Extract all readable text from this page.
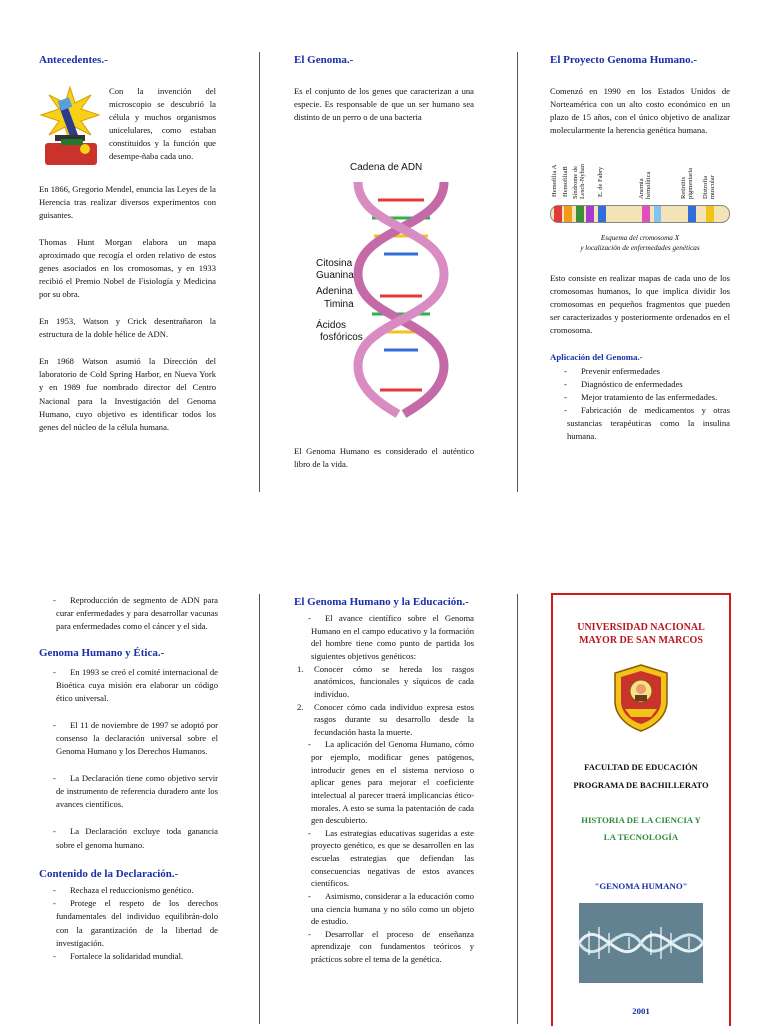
Antecedentes.-

Con la invención del microscopio se descubrió la célula y muchos organismos unicelulares, como estaban constituidos y la función que desempe-ñaba cada uno.

En 1866, Gregorio Mendel, enuncia las Leyes de la Herencia tras realizar diversos experimentos con guisantes.

Thomas Hunt Morgan elabora un mapa aproximado que recogía el orden relativo de estos genes asociados en los cromosomas, y en 1933 recibió el Premio Nobel de Fisiología y Medicina por su obra.

En 1953, Watson y Crick desentrañaron la estructura de la doble hélice de ADN.

En 1968 Watson asumió la Dirección del laboratorio de Cold Spring Harbor, en Nueva York y en 1989 fue nombrado director del Centro Nacional para la Investigación del Genoma Humano, cuyo objetivo es identificar todos los genes del núcleo de la célula humana.

El Genoma.-

Es el conjunto de los genes que caracterizan a una especie. Es responsable de que un ser humano sea distinto de un perro o de una bacteria

Cadena de ADN
Citosina
Guanina
Adenina
Timina
Ácidos
fosfóricos

El Genoma Humano es considerado el auténtico libro de la vida.

El Proyecto Genoma Humano.-

Comenzó en 1990 en los Estados Unidos de Norteamérica con un alto costo económico en un plazo de 15 años, con el único objetivo de analizar molecularmente la herencia genética humana.

Hemofilia A HemofiliaB Síndrome de Lesch-Nyhan E. de Fabry	Anemia hemolítica	Retinitis pigmentaria Distrofia muscular
Esquema del cromosoma X
y localización de enfermedades genéticas

Esto consiste en realizar mapas de cada uno de los cromosomas humanos, lo que implica dividir los cromosomas en pequeños fragmentos que pueden ser caracterizados y posteriormente ordenados en el cromosoma.

Aplicación del Genoma.-
- Prevenir enfermedades
- Diagnóstico de enfermedades
- Mejor tratamiento de las enfermedades.
- Fabricación de medicamentos y otras sustancias terapéuticas como la insulina humana.
- Reproducción de segmento de ADN para curar enfermedades y para desarrollar vacunas para enfermedades como el cáncer y el sida.
Genoma Humano y Ética.-
- En 1993 se creó el comité internacional de Bioética cuya misión era elaborar un código ético universal.
- El 11 de noviembre de 1997 se adoptó por consenso la declaración universal sobre el Genoma Humano y los Derechos Humanos.
- La Declaración tiene como objetivo servir de instrumento de referencia duradero ante los avances científicos.
- La Declaración excluye toda ganancia sobre el genoma humano.
Contenido de la Declaración.-
- Rechaza el reduccionismo genético.
- Protege el respeto de los derechos fundamentales del individuo equilibrán-dolo con la garantización de la libertad de investigación.
- Fortalece la solidaridad mundial.
El Genoma Humano y la Educación.-
- El avance científico sobre el Genoma Humano en el campo educativo y la formación del hombre tiene como punto de partida los siguientes objetivos genéticos:
1. Conocer cómo se hereda los rasgos anatómicos, funcionales y síquicos de cada individuo.
2. Conocer cómo cada individuo expresa estos rasgos durante su desarrollo desde la fecundación hasta la muerte.
- La aplicación del Genoma Humano, cómo por ejemplo, modificar genes patógenos, introducir genes en el sistema nervioso o aplicar genes para mejorar el coeficiente intelectual al parecer traerá implicancias ético-morales. A esto se suma la patentación de cada gen descubierto.
- Las estrategias educativas sugeridas a este proyecto genético, es que se desarrollen en las escuelas estrategias que defiendan las consecuencias negativas de estos avances científicos.
- Asimismo, considerar a la educación como una ciencia humana y no sólo como un objeto de estudio.
- Desarrollar el proceso de enseñanza aprendizaje con fundamentos teóricos y prácticos sobre el tema de la genética.
UNIVERSIDAD NACIONAL
MAYOR DE SAN MARCOS
FACULTAD DE EDUCACIÓN
PROGRAMA DE BACHILLERATO
HISTORIA DE LA CIENCIA Y
LA TECNOLOGÍA
"GENOMA HUMANO"
2001
